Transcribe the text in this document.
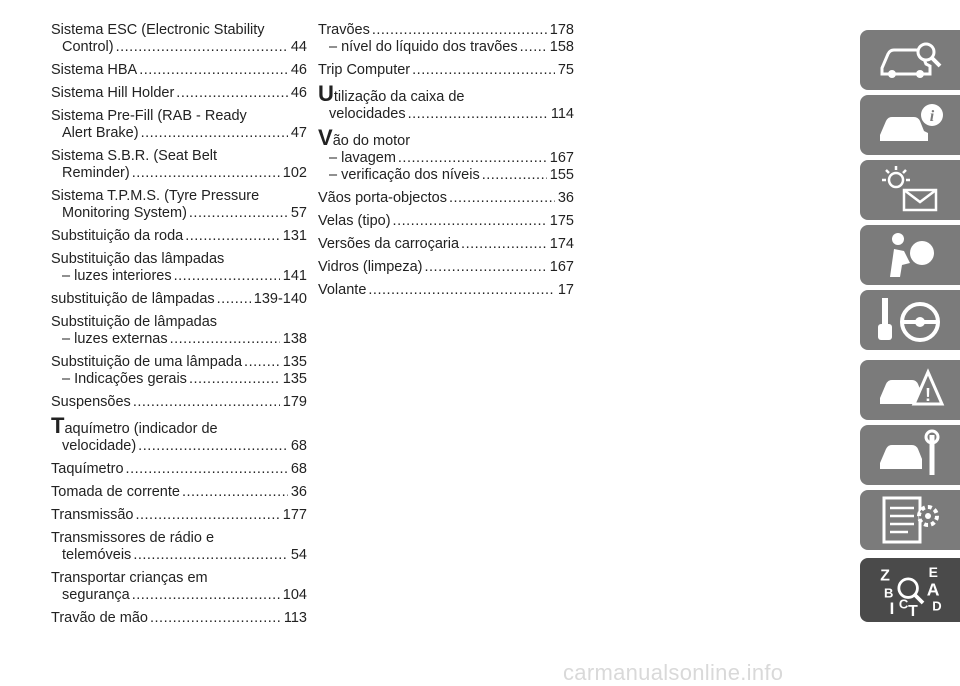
Sistema ESC (Electronic Stability
Control) .....	44
Sistema HBA .....	46
Sistema Hill Holder .....	46
Sistema Pre-Fill (RAB - Ready
Alert Brake) .....	47
Sistema S.B.R. (Seat Belt
Reminder) .....	102
Sistema T.P.M.S. (Tyre Pressure
Monitoring System) .....	57
Substituição da roda .....	131
Substituição das lâmpadas
– luzes interiores .....	141
substituição de lâmpadas .....	139-140
Substituição de lâmpadas
– luzes externas .....	138
Substituição de uma lâmpada .....	135
– Indicações gerais .....	135
Suspensões .....	179
Taquímetro (indicador de
velocidade) .....	68
Taquímetro .....	68
Tomada de corrente .....	36
Transmissão .....	177
Transmissores de rádio e
telemóveis .....	54
Transportar crianças em
segurança .....	104
Travão de mão .....	113
Travões .....	178
– nível do líquido dos travões ..... 158
Trip Computer .....	75
Utilização da caixa de
velocidades .....	114
Vão do motor
– lavagem .....	167
– verificação dos níveis .....	155
Vãos porta-objectos .....	36
Velas (tipo) .....	175
Versões da carroçaria .....	174
Vidros (limpeza) .....	167
Volante .....	17
i
!
Z	E
B A
I C T D
carmanualsonline.info
